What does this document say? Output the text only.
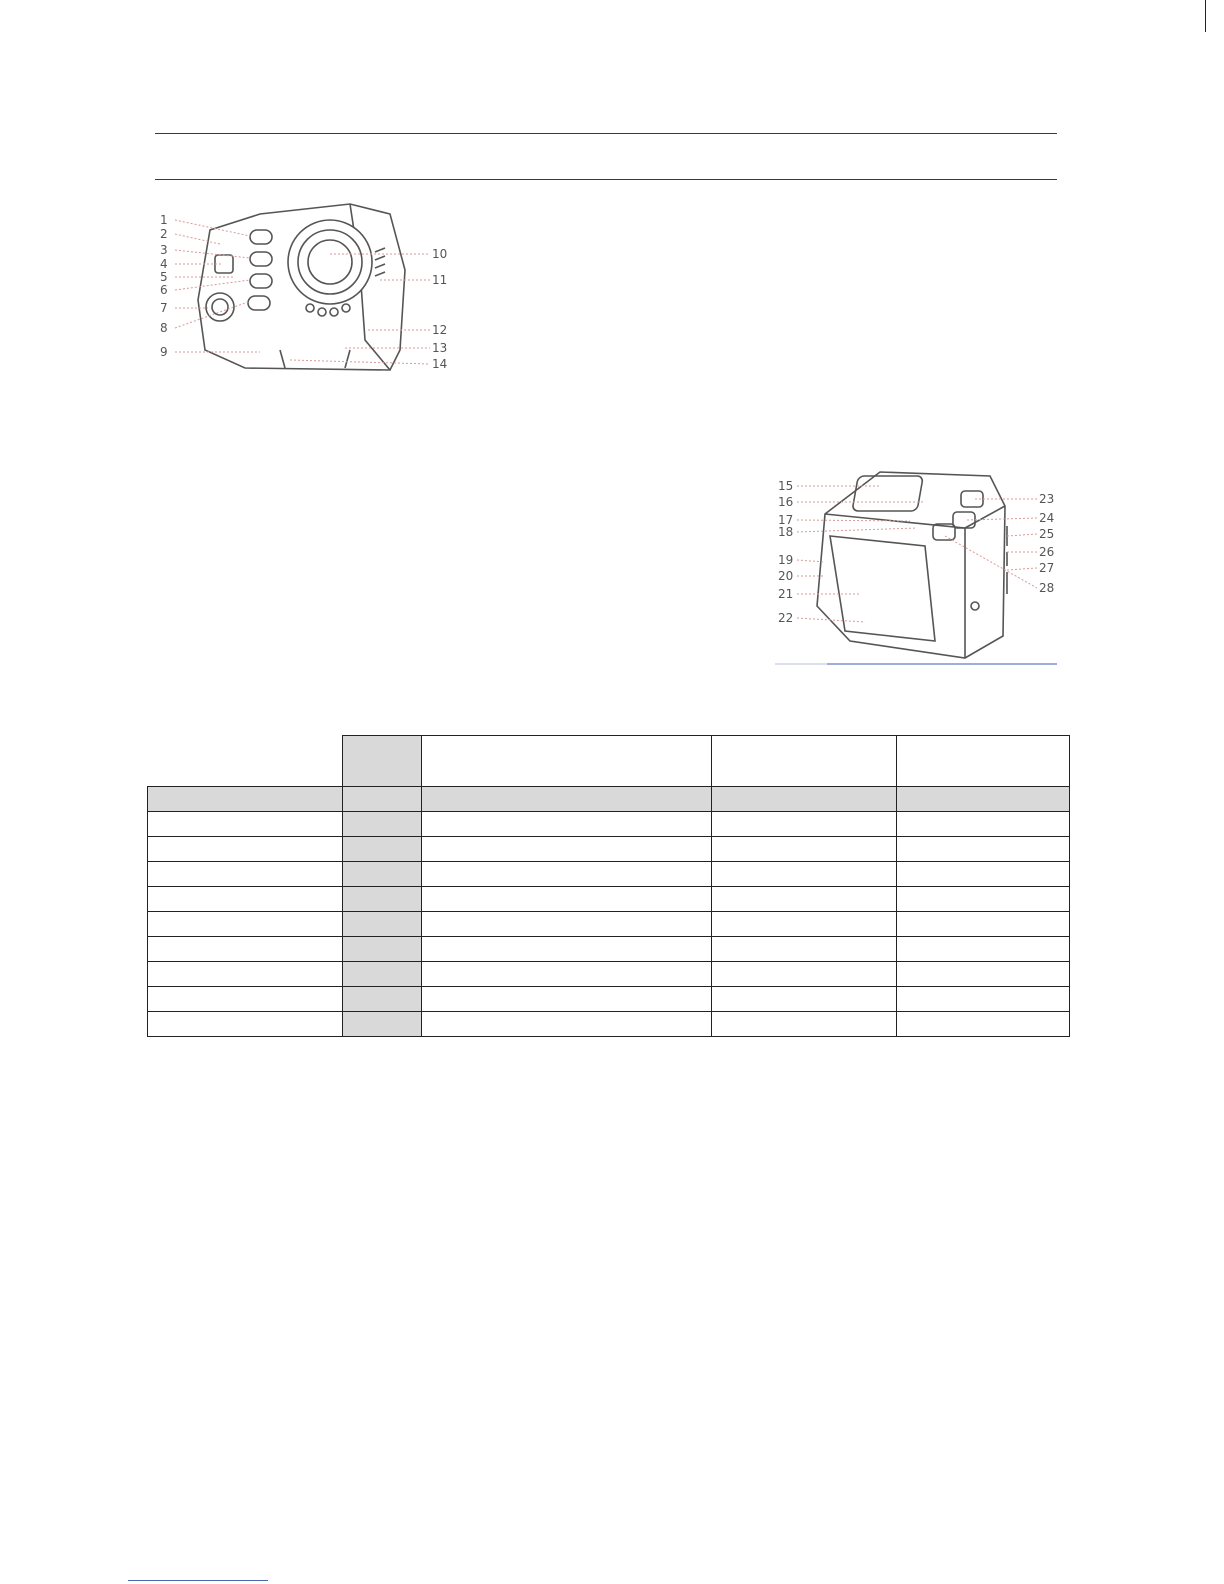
1
2
3
4
5
6
7
8
9
10
11
12
13
14
15
16
17
18
19
20
21
22
23
24
25
26
27
28
